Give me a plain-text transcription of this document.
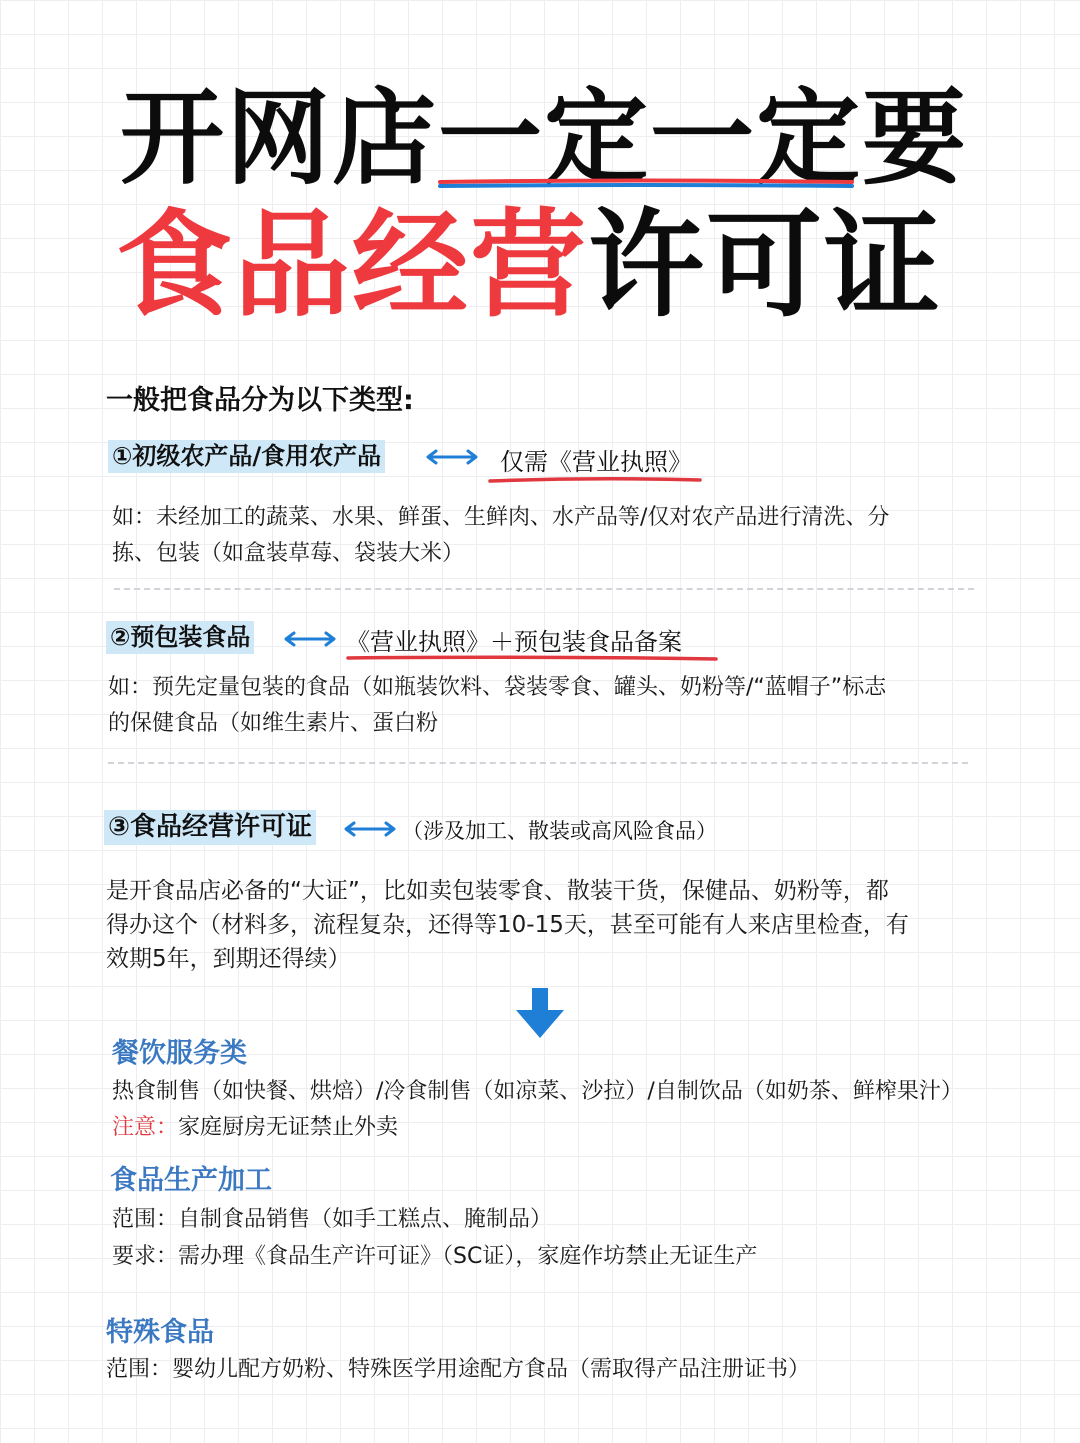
开网店一定一定要
食品经营许可证
一般把食品分为以下类型:
①初级农产品/食用农产品	仅需《营业执照》
如：未经加工的蔬菜、水果、鲜蛋、生鲜肉、水产品等/仅对农产品进行清洗、分
拣、包装（如盒装草莓、袋装大米）
②预包装食品	《营业执照》＋预包装食品备案
如：预先定量包装的食品（如瓶装饮料、袋装零食、罐头、奶粉等/“蓝帽子”标志
的保健食品（如维生素片、蛋白粉
③食品经营许可证	（涉及加工、散装或高风险食品）
是开食品店必备的“大证”，比如卖包装零食、散装干货，保健品、奶粉等，都
得办这个（材料多，流程复杂，还得等10-15天，甚至可能有人来店里检查，有
效期5年，到期还得续）
餐饮服务类
热食制售（如快餐、烘焙）/冷食制售（如凉菜、沙拉）/自制饮品（如奶茶、鲜榨果汁）
注意：家庭厨房无证禁止外卖
食品生产加工
范围：自制食品销售（如手工糕点、腌制品）
要求：需办理《食品生产许可证》（SC证），家庭作坊禁止无证生产
特殊食品
范围：婴幼儿配方奶粉、特殊医学用途配方食品（需取得产品注册证书）
